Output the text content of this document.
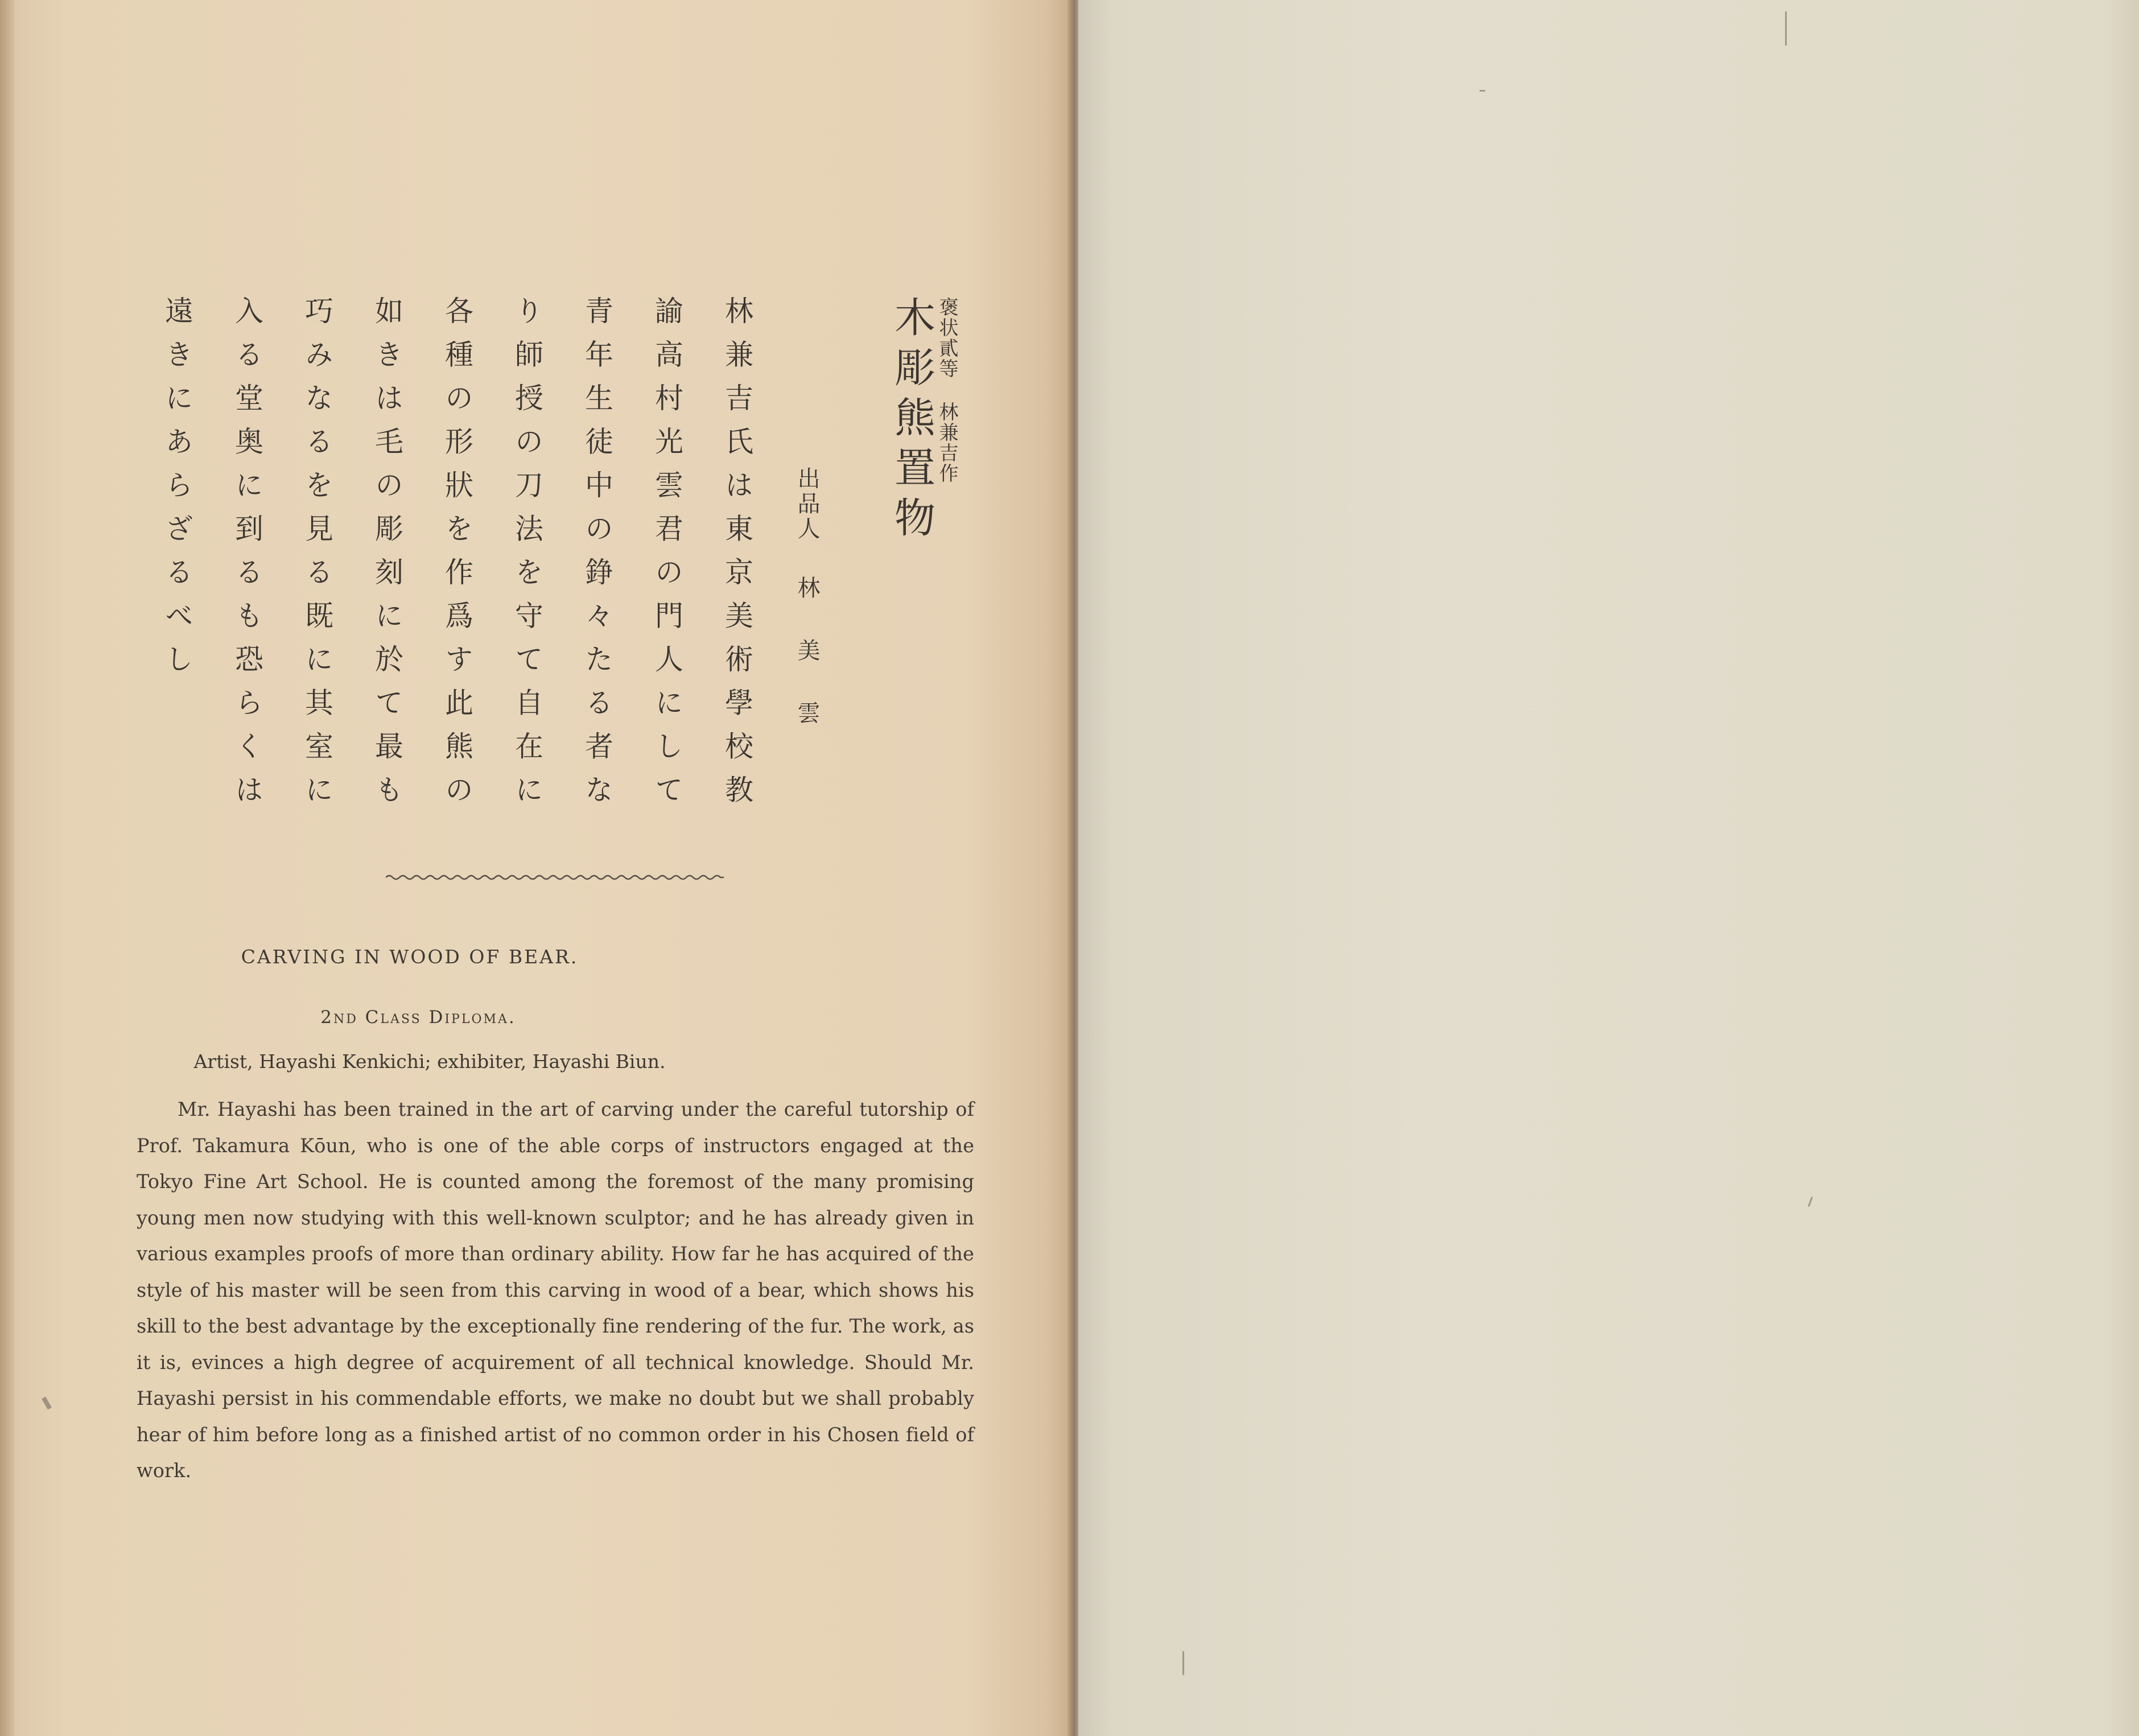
褒状貳等林兼吉作
木彫熊置物
出品人林美雲
林兼吉氏は東京美術學校教
諭高村光雲君の門人にして
青年生徒中の錚々たる者な
り師授の刀法を守て自在に
各種の形狀を作爲す此熊の
如きは毛の彫刻に於て最も
巧みなるを見る既に其室に
入る堂奥に到るも恐らくは
遠きにあらざるべし
CARVING IN WOOD OF BEAR.
2nd Class Diploma.
Artist, Hayashi Kenkichi; exhibiter, Hayashi Biun.
Mr. Hayashi has been trained in the art of carving under the careful tutorship of Prof. Takamura Kōun, who is one of the able corps of instructors engaged at the Tokyo Fine Art School. He is counted among the foremost of the many promising young men now studying with this well-known sculptor; and he has already given in various examples proofs of more than ordinary ability. How far he has acquired of the style of his master will be seen from this carving in wood of a bear, which shows his skill to the best advantage by the exceptionally fine rendering of the fur. The work, as it is, evinces a high degree of acquirement of all technical knowledge. Should Mr. Hayashi persist in his commendable efforts, we make no doubt but we shall probably hear of him before long as a finished artist of no common order in his Chosen field of work.
